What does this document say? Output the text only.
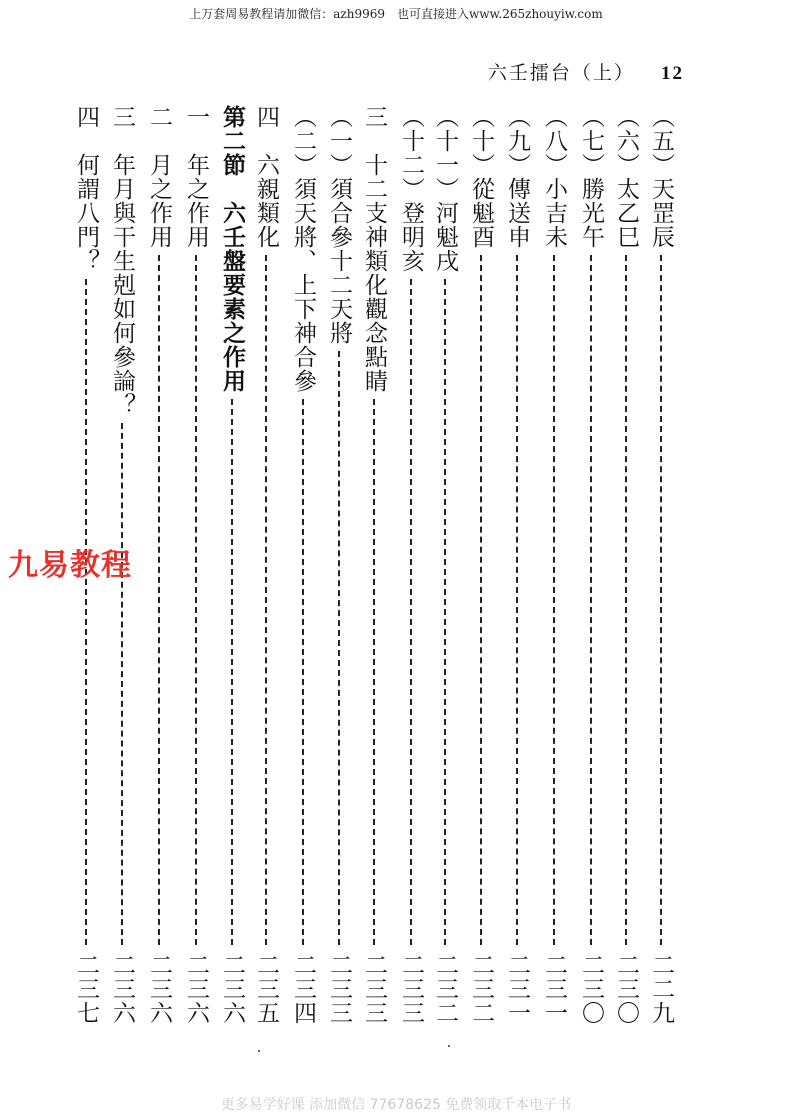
上万套周易教程请加微信：azh9969　也可直接进入www.265zhouyiw.com
六壬擂台（上） 12
（五）天罡辰
二二九
（六）太乙巳
二三〇
（七）勝光午
二三〇
（八）小吉未
二三一
（九）傳送申
二三一
（十）從魁酉
二三二
（十一）河魁戌
二三二
（十二）登明亥
二三三
三　十二支神類化觀念點睛
二三三
（一）須合參十二天將
二三三
（二）須天將、上下神合參
二三四
四　六親類化
二三五
第二節　六壬盤要素之作用
二三六
一　年之作用
二三六
二　月之作用
二三六
三　年月與干生剋如何參論？
二三六
四　何謂八門？
二三七
九易教程
更多易学好课 添加微信 77678625 免费领取千本电子书
